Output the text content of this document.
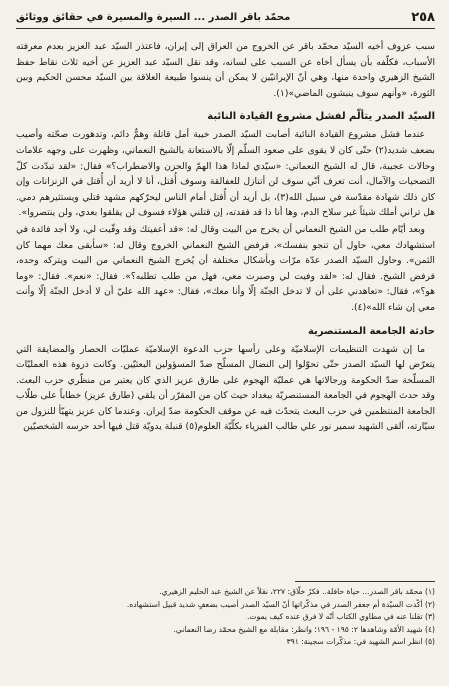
٢٥٨
محمّد باقر الصدر ... السيرة والمسيرة في حقائق ووثائق

سبب عزوف أخيه السيّد محمّد باقر عن الخروج من العراق إلى إيران، فاعتذر السيّد عبد العزيز بعدم معرفته الأسباب، فكلّفه بأن يسأل أخاه عن السبب على لسانه، وقد نقل السيّد عبد العزيز عن أخيه ثلاث نقاط حفظ الشيخ الزهيري واحدة منها، وهي أنّ الإيرانيّين لا يمكن أن ينسوا طبيعة العلاقة بين السيّد محسن الحكيم وبين الثورة، «وأنهم سوف ينبشون الماضي»(١).

السيّد الصدر يتألّم لفشل مشروع القيادة النائبة

عندما فشل مشروع القيادة النائبة أصابت السيّد الصدر خيبة أمل قاتلة وهمٌّ دائم، وتدهورت صحّته وأصيب بضعف شديد(٢) حتّى كان لا يقوى على صعود السلّم إلّا بالاستعانة بالشيخ النعماني، وظهرت على وجهه علامات وحالات عجيبة، قال له الشيخ النعماني: «سيّدي لماذا هذا الهمّ والحزن والاضطراب؟» فقال: «لقد تبدّدت كلّ التضحيات والآمال، أنت تعرف أنّي سوف لن أتنازل للعفالقة وسوف أُقتل، أنا لا أريد أن أُقتل في الزنزانات وإن كان ذلك شهادة مقدّسة في سبيل الله(٣)، بل أريد أن أُقتل أمام الناس ليحرّكهم مشهد قتلي ويستثيرهم دمي. هل تراني أملك شيئاً غير سلاح الدم، وها أنا ذا قد فقدته، إن قتلني هؤلاء فسوف لن يقلقوا بعدي، ولن ينتصروا».

وبعد أيّام طلب من الشيخ النعماني أن يخرج من البيت وقال له: «قد أعفيتك وقد وفّيت لي، ولا أجد فائدة في استشهادك معي، حاول أن تنجو بنفسك»، فرفض الشيخ النعماني الخروج وقال له: «سأبقى معك مهما كان الثمن». وحاول السيّد الصدر عدّة مرّات وبأشكال مختلفة أن يُخرج الشيخ النعماني من البيت ويتركه وحده، فرفض الشيخ. فقال له: «لقد وفيت لي وصبرت معي، فهل من طلب تطلبه؟». فقال: «نعم». فقال: «وما هو؟»، فقال: «تعاهدني على أن لا تدخل الجنّة إلّا وأنا معك»، فقال: «عهد الله عليّ أن لا أدخل الجنّة إلّا وأنت معي إن شاء الله»(٤).

حادثة الجامعة المستنصرية

ما إن شهدت التنظيمات الإسلاميّة وعلى رأسها حزب الدعوة الإسلاميّة عمليّات الحصار والمضايقة التي يتعرّض لها السيّد الصدر حتّى تحوّلوا إلى النضال المسلّح ضدّ المسؤولين البعثيّين. وكانت ذروة هذه العمليّات المسلّحة ضدّ الحكومة ورجالاتها هي عمليّة الهجوم على طارق عزيز الذي كان يعتبر من منظّري حزب البعث. وقد حدث الهجوم في الجامعة المستنصريّة ببغداد حيث كان من المقرّر أن يلقي (طارق عزيز) خطاباً على طلّاب الجامعة المنتظمين في حزب البعث يتحدّث فيه عن موقف الحكومة ضدّ إيران. وعندما كان عزيز يتهيّأ للنزول من سيّارته، ألقى الشهيد سمير نور علي طالب الفيزياء بكلّيّة العلوم(٥) قنبلة يدويّة قتل فيها أحد حرسه الشخصيّين

(١) محمّد باقر الصدر... حياة حافلة.. فكرٌ خلّاق: ٢٢٧، نقلاً عن الشيخ عبد الحليم الزهيري.
(٢) أكّدت السيّدة أم جعفر الصدر في مذكّراتها أنّ السيّد الصدر أصيب بضعفٍ شديد قبيل استشهاده.
(٣) تقلنا عنه في مطاوي الكتاب أنّه لا فرق عنده كيف يموت.
(٤) شهيد الأمّة وشاهدها ٢: ١٩٥ - ١٩٦؛ وانظر: مقابلة مع الشيخ محمّد رضا النعماني.
(٥) انظر اسم الشهيد في: مذكّرات سجينة: ٣٩١
